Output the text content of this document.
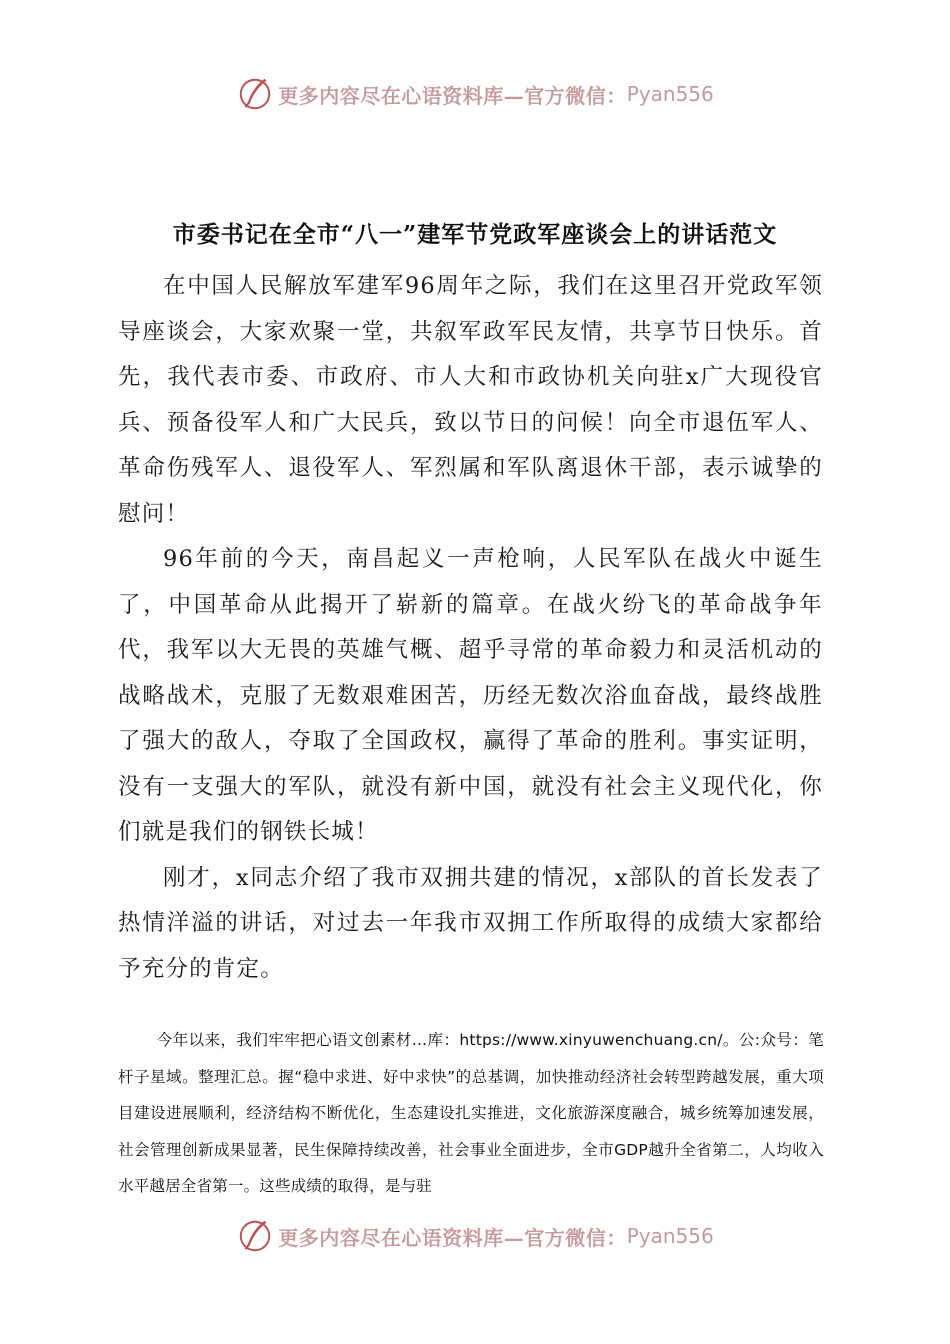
更多内容尽在心语资料库—官方微信： Pyan556
市委书记在全市“八一”建军节党政军座谈会上的讲话范文

在中国人民解放军建军96周年之际，我们在这里召开党政军领导座谈会，大家欢聚一堂，共叙军政军民友情，共享节日快乐。首先，我代表市委、市政府、市人大和市政协机关向驻x广大现役官兵、预备役军人和广大民兵，致以节日的问候！向全市退伍军人、革命伤残军人、退役军人、军烈属和军队离退休干部，表示诚挚的慰问！

96年前的今天，南昌起义一声枪响，人民军队在战火中诞生了，中国革命从此揭开了崭新的篇章。在战火纷飞的革命战争年代，我军以大无畏的英雄气概、超乎寻常的革命毅力和灵活机动的战略战术，克服了无数艰难困苦，历经无数次浴血奋战，最终战胜了强大的敌人，夺取了全国政权，赢得了革命的胜利。事实证明，没有一支强大的军队，就没有新中国，就没有社会主义现代化，你们就是我们的钢铁长城！

刚才，x同志介绍了我市双拥共建的情况，x部队的首长发表了热情洋溢的讲话，对过去一年我市双拥工作所取得的成绩大家都给予充分的肯定。

今年以来，我们牢牢把心语文创素材...库：https://www.xinyuwenchuang.cn/。公:众号：笔杆子星域。整理汇总。握“稳中求进、好中求快”的总基调，加快推动经济社会转型跨越发展，重大项目建设进展顺利，经济结构不断优化，生态建设扎实推进，文化旅游深度融合，城乡统筹加速发展，社会管理创新成果显著，民生保障持续改善，社会事业全面进步，全市GDP越升全省第二，人均收入水平越居全省第一。这些成绩的取得，是与驻

更多内容尽在心语资料库—官方微信： Pyan556
